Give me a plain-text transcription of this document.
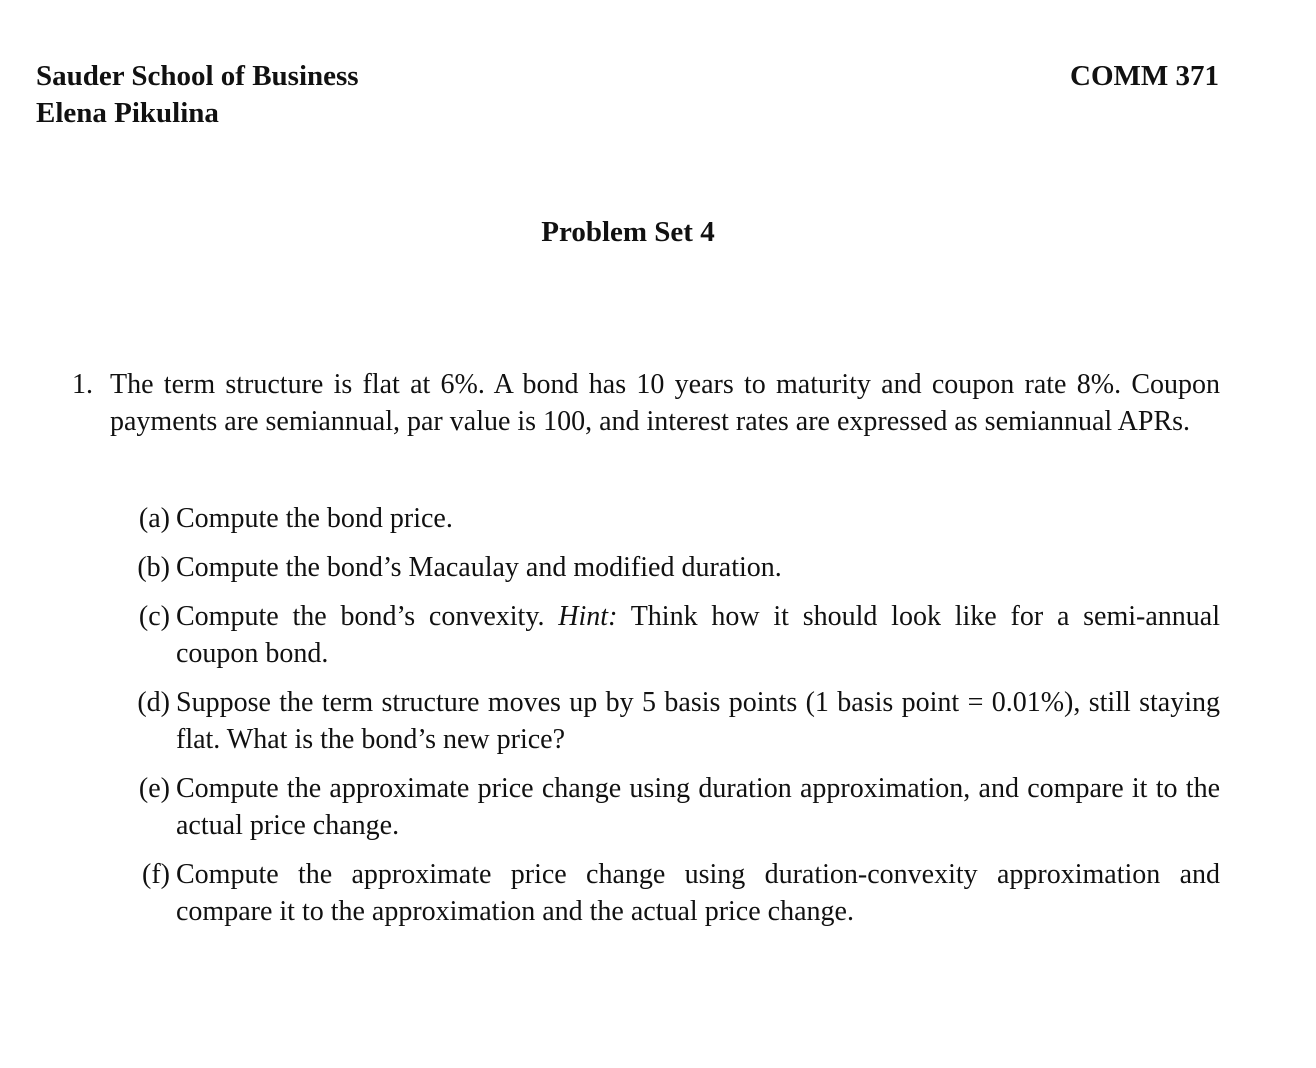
Sauder School of Business
Elena Pikulina
COMM 371
Problem Set 4
1. The term structure is flat at 6%. A bond has 10 years to maturity and coupon rate 8%. Coupon payments are semiannual, par value is 100, and interest rates are expressed as semiannual APRs.
(a) Compute the bond price.
(b) Compute the bond’s Macaulay and modified duration.
(c) Compute the bond’s convexity. Hint: Think how it should look like for a semi-annual coupon bond.
(d) Suppose the term structure moves up by 5 basis points (1 basis point = 0.01%), still staying flat. What is the bond’s new price?
(e) Compute the approximate price change using duration approximation, and compare it to the actual price change.
(f) Compute the approximate price change using duration-convexity approximation and compare it to the approximation and the actual price change.
